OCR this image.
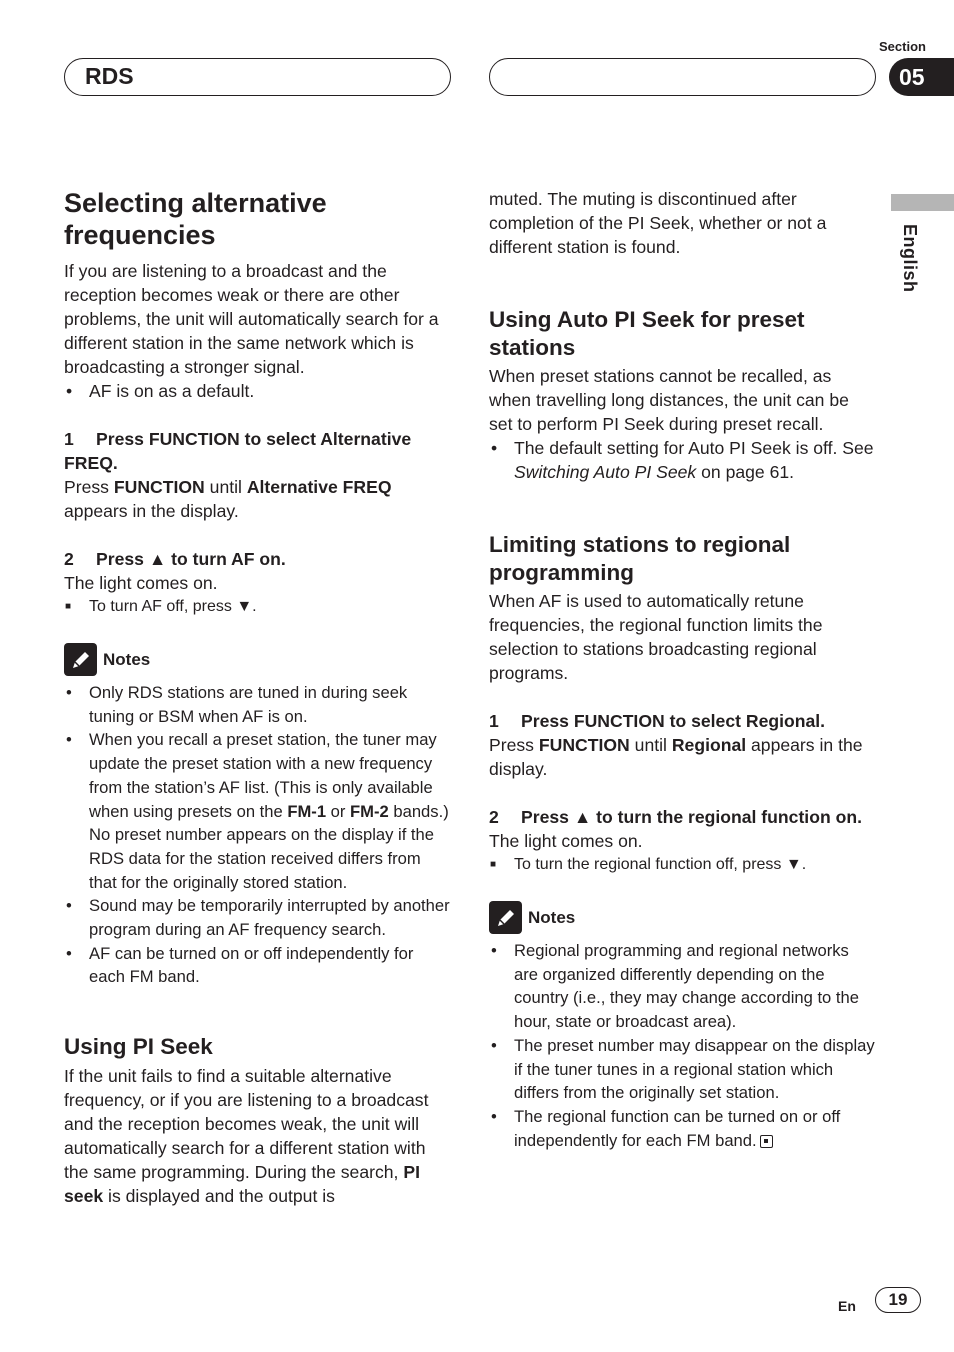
RDS
Section
05
English
Selecting alternative frequencies

If you are listening to a broadcast and the reception becomes weak or there are other problems, the unit will automatically search for a different station in the same network which is broadcasting a stronger signal.

• AF is on as a default.
1 Press FUNCTION to select Alternative FREQ.

Press FUNCTION until Alternative FREQ appears in the display.

2 Press ▲ to turn AF on.

The light comes on.

■ To turn AF off, press ▼.
Notes
• Only RDS stations are tuned in during seek tuning or BSM when AF is on.
• When you recall a preset station, the tuner may update the preset station with a new frequency from the station’s AF list. (This is only available when using presets on the FM-1 or FM-2 bands.) No preset number appears on the display if the RDS data for the station received differs from that for the originally stored station.
• Sound may be temporarily interrupted by another program during an AF frequency search.
• AF can be turned on or off independently for each FM band.
Using PI Seek

If the unit fails to find a suitable alternative frequency, or if you are listening to a broadcast and the reception becomes weak, the unit will automatically search for a different station with the same programming. During the search, PI seek is displayed and the output is

muted. The muting is discontinued after completion of the PI Seek, whether or not a different station is found.

Using Auto PI Seek for preset stations

When preset stations cannot be recalled, as when travelling long distances, the unit can be set to perform PI Seek during preset recall.

• The default setting for Auto PI Seek is off. See Switching Auto PI Seek on page 61.
Limiting stations to regional programming

When AF is used to automatically retune frequencies, the regional function limits the selection to stations broadcasting regional programs.

1 Press FUNCTION to select Regional.

Press FUNCTION until Regional appears in the display.

2 Press ▲ to turn the regional function on.

The light comes on.

■ To turn the regional function off, press ▼.
Notes
• Regional programming and regional networks are organized differently depending on the country (i.e., they may change according to the hour, state or broadcast area).
• The preset number may disappear on the display if the tuner tunes in a regional station which differs from the originally set station.
• The regional function can be turned on or off independently for each FM band.
En	19
